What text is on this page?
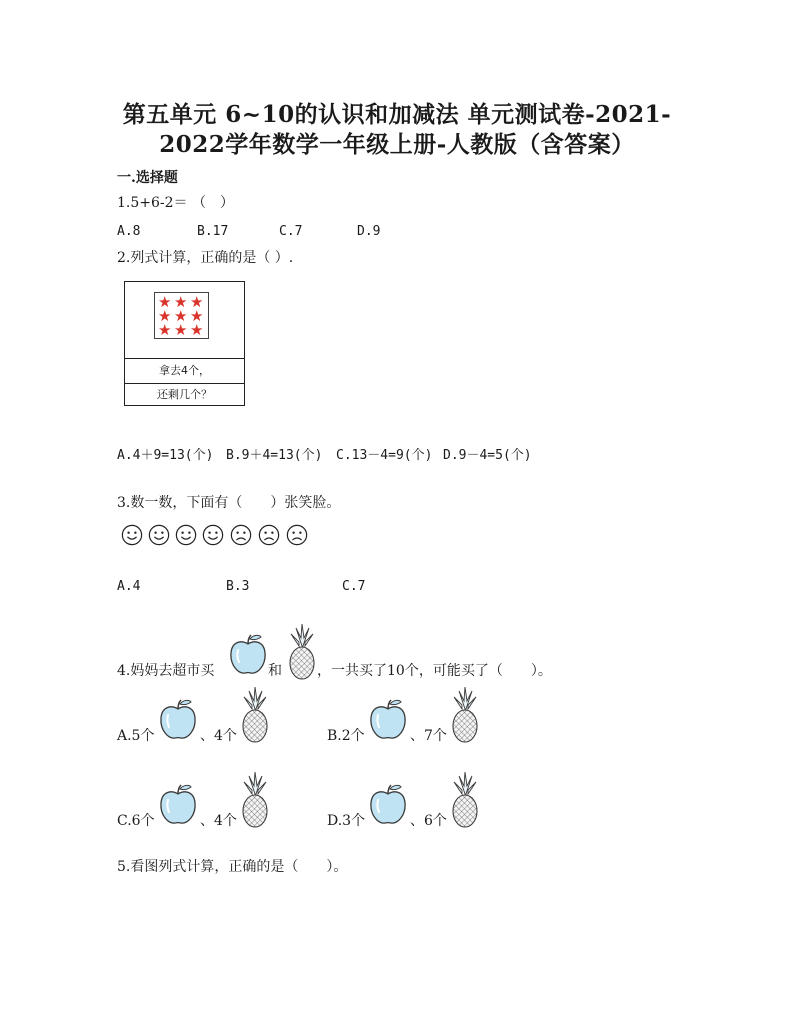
第五单元 6~10的认识和加减法 单元测试卷-2021-
2022学年数学一年级上册-人教版（含答案）
一.选择题
1.5+6-2＝ （　）
A.8	B.17	C.7	D.9
2.列式计算，正确的是（ ）.
★ ★ ★
★ ★ ★
★ ★ ★
拿去4个，
还剩几个？
A.4＋9=13(个) B.9＋4=13(个) C.13－4=9(个) D.9－4=5(个)
3.数一数，下面有（　　）张笑脸。
A.4	B.3	C.7
4.妈妈去超市买	和	，一共买了10个，可能买了（　　）。
A.5个	、4个	B.2个	、7个
C.6个	、4个	D.3个	、6个
5.看图列式计算，正确的是（　　）。
